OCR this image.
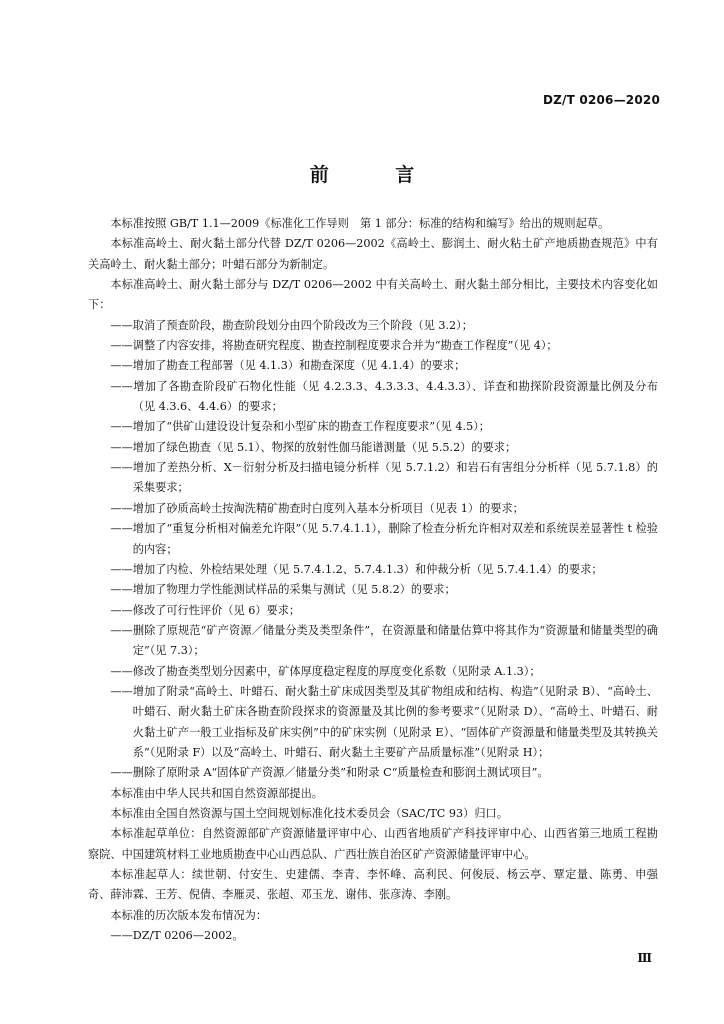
DZ/T 0206—2020
前 言

本标准按照 GB/T 1.1—2009《标准化工作导则　第 1 部分：标准的结构和编写》给出的规则起草。

本标准高岭土、耐火黏土部分代替 DZ/T 0206—2002《高岭土、膨润土、耐火粘土矿产地质勘查规范》中有关高岭土、耐火黏土部分；叶蜡石部分为新制定。

本标准高岭土、耐火黏土部分与 DZ/T 0206—2002 中有关高岭土、耐火黏土部分相比，主要技术内容变化如下：

——取消了预查阶段，勘查阶段划分由四个阶段改为三个阶段（见 3.2）；

——调整了内容安排，将勘查研究程度、勘查控制程度要求合并为“勘查工作程度”（见 4）；

——增加了勘查工程部署（见 4.1.3）和勘查深度（见 4.1.4）的要求；

——增加了各勘查阶段矿石物化性能（见 4.2.3.3、4.3.3.3、4.4.3.3）、详查和勘探阶段资源量比例及分布（见 4.3.6、4.4.6）的要求；

——增加了“供矿山建设设计复杂和小型矿床的勘查工作程度要求”（见 4.5）；

——增加了绿色勘查（见 5.1）、物探的放射性伽马能谱测量（见 5.5.2）的要求；

——增加了差热分析、X－衍射分析及扫描电镜分析样（见 5.7.1.2）和岩石有害组分分析样（见 5.7.1.8）的采集要求；

——增加了砂质高岭土按淘洗精矿勘查时白度列入基本分析项目（见表 1）的要求；

——增加了“重复分析相对偏差允许限”（见 5.7.4.1.1），删除了检查分析允许相对双差和系统误差显著性 t 检验的内容；

——增加了内检、外检结果处理（见 5.7.4.1.2、5.7.4.1.3）和仲裁分析（见 5.7.4.1.4）的要求；

——增加了物理力学性能测试样品的采集与测试（见 5.8.2）的要求；

——修改了可行性评价（见 6）要求；

——删除了原规范“矿产资源／储量分类及类型条件”，在资源量和储量估算中将其作为“资源量和储量类型的确定”（见 7.3）；

——修改了勘查类型划分因素中，矿体厚度稳定程度的厚度变化系数（见附录 A.1.3）；

——增加了附录“高岭土、叶蜡石、耐火黏土矿床成因类型及其矿物组成和结构、构造”（见附录 B）、“高岭土、叶蜡石、耐火黏土矿床各勘查阶段探求的资源量及其比例的参考要求”（见附录 D）、“高岭土、叶蜡石、耐火黏土矿产一般工业指标及矿床实例”中的矿床实例（见附录 E）、“固体矿产资源量和储量类型及其转换关系”（见附录 F）以及“高岭土、叶蜡石、耐火黏土主要矿产品质量标准”（见附录 H）；

——删除了原附录 A“固体矿产资源／储量分类”和附录 C“质量检查和膨润土测试项目”。

本标准由中华人民共和国自然资源部提出。

本标准由全国自然资源与国土空间规划标准化技术委员会（SAC/TC 93）归口。

本标准起草单位：自然资源部矿产资源储量评审中心、山西省地质矿产科技评审中心、山西省第三地质工程勘察院、中国建筑材料工业地质勘查中心山西总队、广西壮族自治区矿产资源储量评审中心。

本标准起草人：续世朝、付安生、史建儒、李青、李怀峰、高利民、何俊辰、杨云亭、覃定量、陈勇、申强奇、薛沛霖、王芳、倪倩、李雁灵、张超、邓玉龙、谢伟、张彦涛、李刚。

本标准的历次版本发布情况为：

——DZ/T 0206—2002。

Ⅲ
